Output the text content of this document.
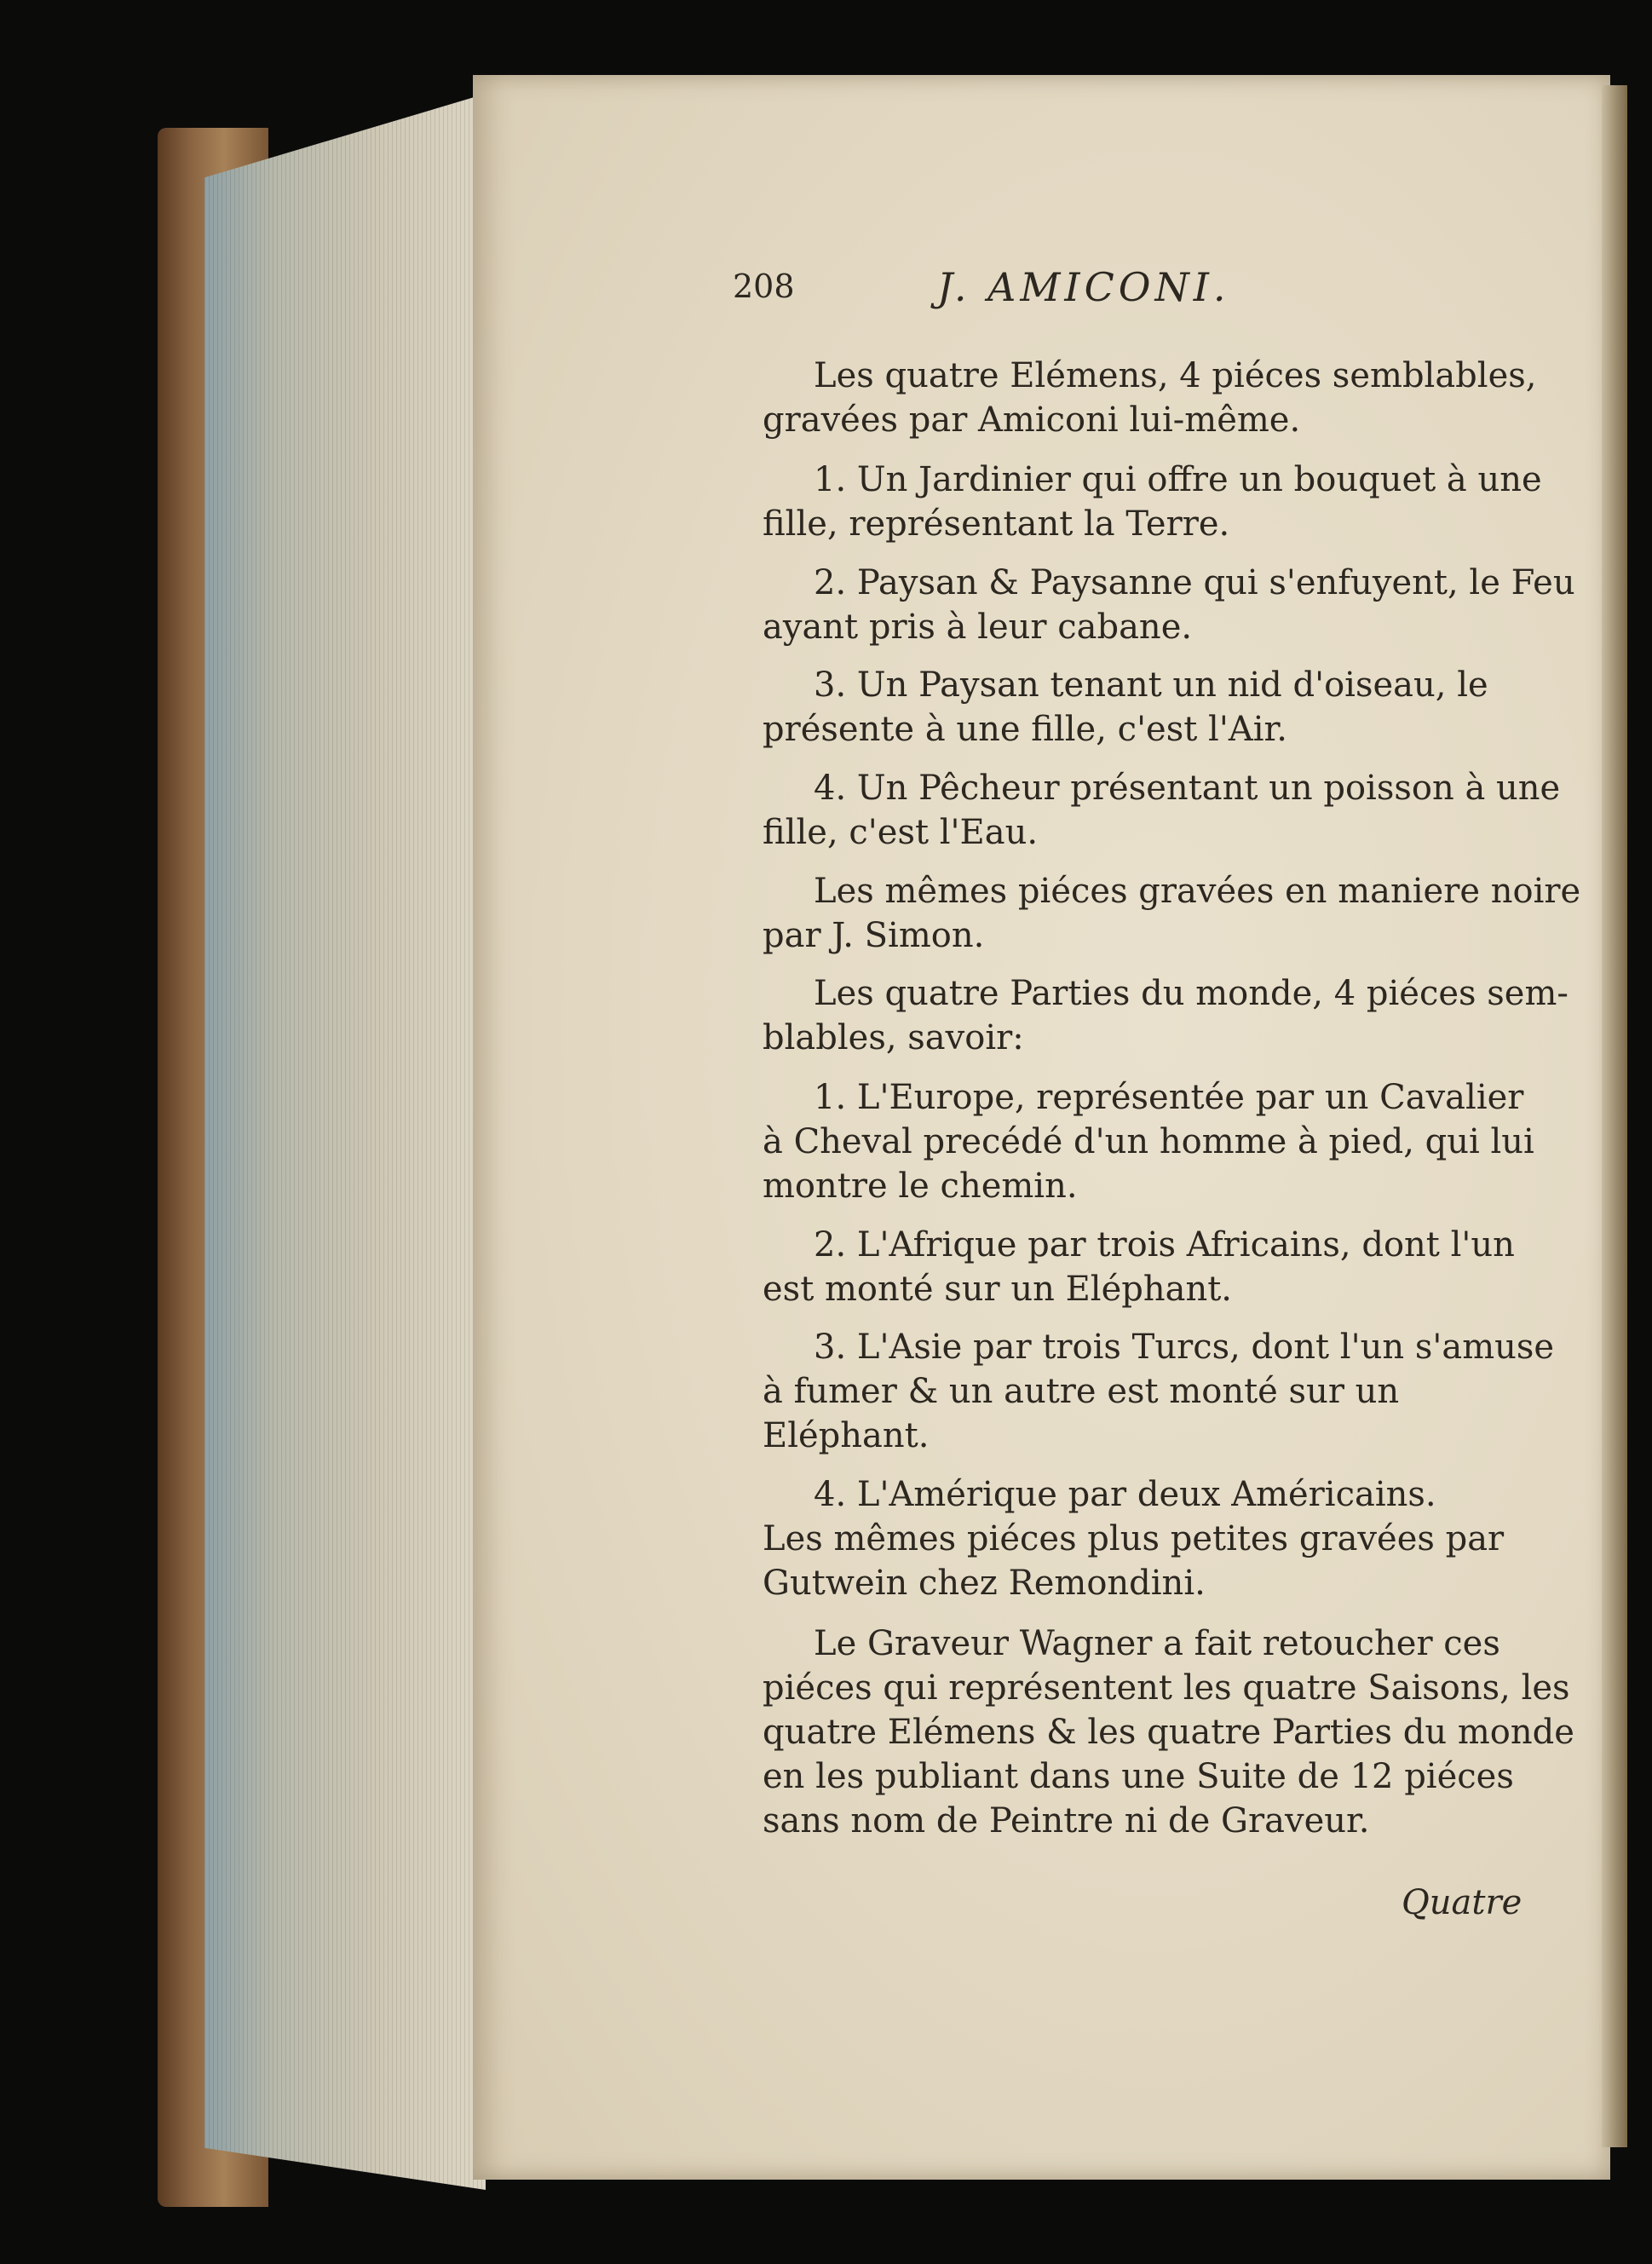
208	J. AMICONI.

Les quatre Elémens, 4 piéces semblables,
gravées par Amiconi lui-même.

1. Un Jardinier qui offre un bouquet à une
fille, représentant la Terre.

2. Paysan & Paysanne qui s'enfuyent, le Feu
ayant pris à leur cabane.

3. Un Paysan tenant un nid d'oiseau, le
présente à une fille, c'est l'Air.

4. Un Pêcheur présentant un poisson à une
fille, c'est l'Eau.

Les mêmes piéces gravées en maniere noire
par J. Simon.

Les quatre Parties du monde, 4 piéces sem-
blables, savoir:

1. L'Europe, représentée par un Cavalier
à Cheval precédé d'un homme à pied, qui lui
montre le chemin.

2. L'Afrique par trois Africains, dont l'un
est monté sur un Eléphant.

3. L'Asie par trois Turcs, dont l'un s'amuse
à fumer & un autre est monté sur un
Eléphant.

4. L'Amérique par deux Américains.
Les mêmes piéces plus petites gravées par
Gutwein chez Remondini.

Le Graveur Wagner a fait retoucher ces
piéces qui représentent les quatre Saisons, les
quatre Elémens & les quatre Parties du monde
en les publiant dans une Suite de 12 piéces
sans nom de Peintre ni de Graveur.

Quatre
